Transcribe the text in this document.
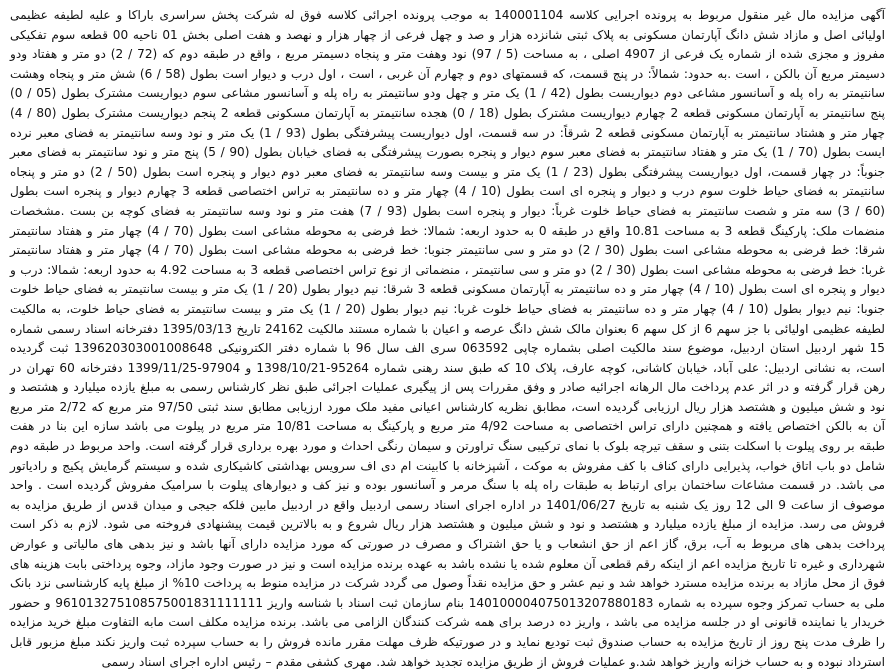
آگهی مزایده مال غیر منقول مربوط به پرونده اجرایی کلاسه 140001104 به موجب پرونده اجرائی کلاسه فوق له شرکت پخش سراسری باراکا و علیه لطیفه عظیمی اولیائی اصل و مازاد شش دانگ آپارتمان مسکونی به پلاک ثبتی شانزده هزار و صد و چهل فرعی از چهار هزار و نهصد و هفت اصلی بخش 01 ناحیه 00 قطعه سوم تفکیکی مفروز و مجزی شده از شماره یک فرعی از 4907 اصلی ، به مساحت (5 / 97) نود وهفت متر و پنجاه دسیمتر مربع ، واقع در طبقه دوم که (72 / 2) دو متر و هفتاد ودو دسیمتر مربع آن بالکن ، است .به حدود: شمالاً: در پنج قسمت، که قسمتهای دوم و چهارم آن غربی ، است ، اول درب و دیوار است بطول (58 / 6) شش متر و پنجاه وهشت سانتیمتر به راه پله و آسانسور مشاعی دوم دیواریست بطول (42 / 1) یک متر و چهل ودو سانتیمتر به راه پله و آسانسور مشاعی سوم دیواریست مشترک بطول (05 / 0) پنج سانتیمتر به آپارتمان مسکونی قطعه 2 چهارم دیواریست مشترک بطول (18 / 0) هجده سانتیمتر به آپارتمان مسکونی قطعه 2 پنجم دیواریست مشترک بطول (80 / 4) چهار متر و هشتاد سانتیمتر به آپارتمان مسکونی قطعه 2 شرقاً: در سه قسمت، اول دیواریست پیشرفتگی بطول (93 / 1) یک متر و نود وسه سانتیمتر به فضای معبر نرده ایست بطول (70 / 1) یک متر و هفتاد سانتیمتر به فضای معبر سوم دیوار و پنجره بصورت پیشرفتگی به فضای خیابان بطول (90 / 5) پنج متر و نود سانتیمتر به فضای معبر جنوباً: در چهار قسمت، اول دیواریست پیشرفتگی بطول (23 / 1) یک متر و بیست وسه سانتیمتر به فضای معبر دوم دیوار و پنجره است بطول (50 / 2) دو متر و پنجاه سانتیمتر به فضای حیاط خلوت سوم درب و دیوار و پنجره ای است بطول (10 / 4) چهار متر و ده سانتیمتر به تراس اختصاصی قطعه 3 چهارم دیوار و پنجره است بطول (60 / 3) سه متر و شصت سانتیمتر به فضای حیاط خلوت غرباً: دیوار و پنجره است بطول (93 / 7) هفت متر و نود وسه سانتیمتر به فضای کوچه بن بست .مشخصات منضمات ملک: پارکینگ قطعه 3 به مساحت 10.81 واقع در طبقه 0 به حدود اربعه: شمالا: خط فرضی به محوطه مشاعی است بطول (70 / 4) چهار متر و هفتاد سانتیمتر شرقا: خط فرضی به محوطه مشاعی است بطول (30 / 2) دو متر و سی سانتیمتر جنوبا: خط فرضی به محوطه مشاعی است بطول (70 / 4) چهار متر و هفتاد سانتیمتر غربا: خط فرضی به محوطه مشاعی است بطول (30 / 2) دو متر و سی سانتیمتر ، منضماتی از نوع تراس اختصاصی قطعه 3 به مساحت 4.92 به حدود اربعه: شمالا: درب و دیوار و پنجره ای است بطول (10 / 4) چهار متر و ده سانتیمتر به آپارتمان مسکونی قطعه 3 شرقا: نیم دیوار بطول (20 / 1) یک متر و بیست سانتیمتر به فضای حیاط خلوت جنوبا: نیم دیوار بطول (10 / 4) چهار متر و ده سانتیمتر به فضای حیاط خلوت غربا: نیم دیوار بطول (20 / 1) یک متر و بیست سانتیمتر به فضای حیاط خلوت، به مالکیت لطیفه عظیمی اولیائی با جز سهم 6 از کل سهم 6 بعنوان مالک شش دانگ عرصه و اعیان با شماره مستند مالکیت 24162 تاریخ 1395/03/13 دفترخانه اسناد رسمی شماره 15 شهر اردبیل استان اردبیل، موضوع سند مالکیت اصلی بشماره چاپی 063592 سری الف سال 96 با شماره دفتر الکترونیکی 139620303001008648 ثبت گردیده است، به نشانی اردبیل: علی آباد، خیابان کاشانی، کوچه عارف، پلاک 10 که طبق سند رهنی شماره 95264-1398/10/21 و 97904-1399/11/25 دفترخانه 60 تهران در رهن قرار گرفته و در اثر عدم پرداخت مال الرهانه اجرائیه صادر و وفق مقررات پس از پیگیری عملیات اجرائی طبق نظر کارشناس رسمی به مبلغ یازده میلیارد و هشتصد و نود و شش میلیون و هشتصد هزار ریال ارزیابی گردیده است، مطابق نظریه کارشناس اعیانی مفید ملک مورد ارزیابی مطابق سند ثبتی 97/50 متر مربع که 2/72 متر مربع آن به بالکن اختصاص یافته و همچنین دارای تراس اختصاصی به مساحت 4/92 متر مربع و پارکینگ به مساحت 10/81 متر مربع در پیلوت می باشد سازه این بنا در هفت طبقه بر روی پیلوت با اسکلت بتنی و سقف تیرچه بلوک با نمای ترکیبی سنگ تراورتن و سیمان رنگی احداث و مورد بهره برداری قرار گرفته است. واحد مربوط در طبقه دوم شامل دو باب اتاق خواب، پذیرایی دارای کناف با کف مفروش به موکت ، آشپزخانه با کابینت ام دی اف سرویس بهداشتی کاشیکاری شده و سیستم گرمایش پکیج و رادیاتور می باشد. در قسمت مشاعات ساختمان برای ارتباط به طبقات راه پله با سنگ مرمر و آسانسور بوده و نیز کف و دیوارهای پیلوت با سرامیک مفروش گردیده است . واحد موصوف از ساعت 9 الی 12 روز یک شنبه به تاریخ 1401/06/27 در اداره اجرای اسناد رسمی اردبیل واقع در اردبیل مابین فلکه جیجی و میدان قدس از طریق مزایده به فروش می رسد. مزایده از مبلغ یازده میلیارد و هشتصد و نود و شش میلیون و هشتصد هزار ریال شروع و به بالاترین قیمت پیشنهادی فروخته می شود. لازم به ذکر است پرداخت بدهی های مربوط به آب، برق، گاز اعم از حق انشعاب و یا حق اشتراک و مصرف در صورتی که مورد مزایده دارای آنها باشد و نیز بدهی های مالیاتی و عوارض شهرداری و غیره تا تاریخ مزایده اعم از اینکه رقم قطعی آن معلوم شده یا نشده باشد به عهده برنده مزایده است و نیز در صورت وجود مازاد، وجوه پرداختی بابت هزینه های فوق از محل مازاد به برنده مزایده مسترد خواهد شد و نیم عشر و حق مزایده نقداً وصول می گردد شرکت در مزایده منوط به پرداخت 10% از مبلغ پایه کارشناسی نزد بانک ملی به حساب تمرکز وجوه سپرده به شماره 140100004075013207880183 بنام سازمان ثبت اسناد با شناسه واریز 961013275108575001831111111 و حضور خریدار یا نماینده قانونی او در جلسه مزایده می باشد ، واریز ده درصد برای همه شرکت کنندگان الزامی می باشد. برنده مزایده مکلف است مابه التفاوت مبلغ خرید مزایده را ظرف مدت پنج روز از تاریخ مزایده به حساب صندوق ثبت تودیع نماید و در صورتیکه ظرف مهلت مقرر مانده فروش را به حساب سپرده ثبت واریز نکند مبلغ مزبور قابل استرداد نبوده و به حساب خزانه واریز خواهد شد.و عملیات فروش از طریق مزایده تجدید خواهد شد. مهری کشفی مقدم – رئیس اداره اجرای اسناد رسمی
